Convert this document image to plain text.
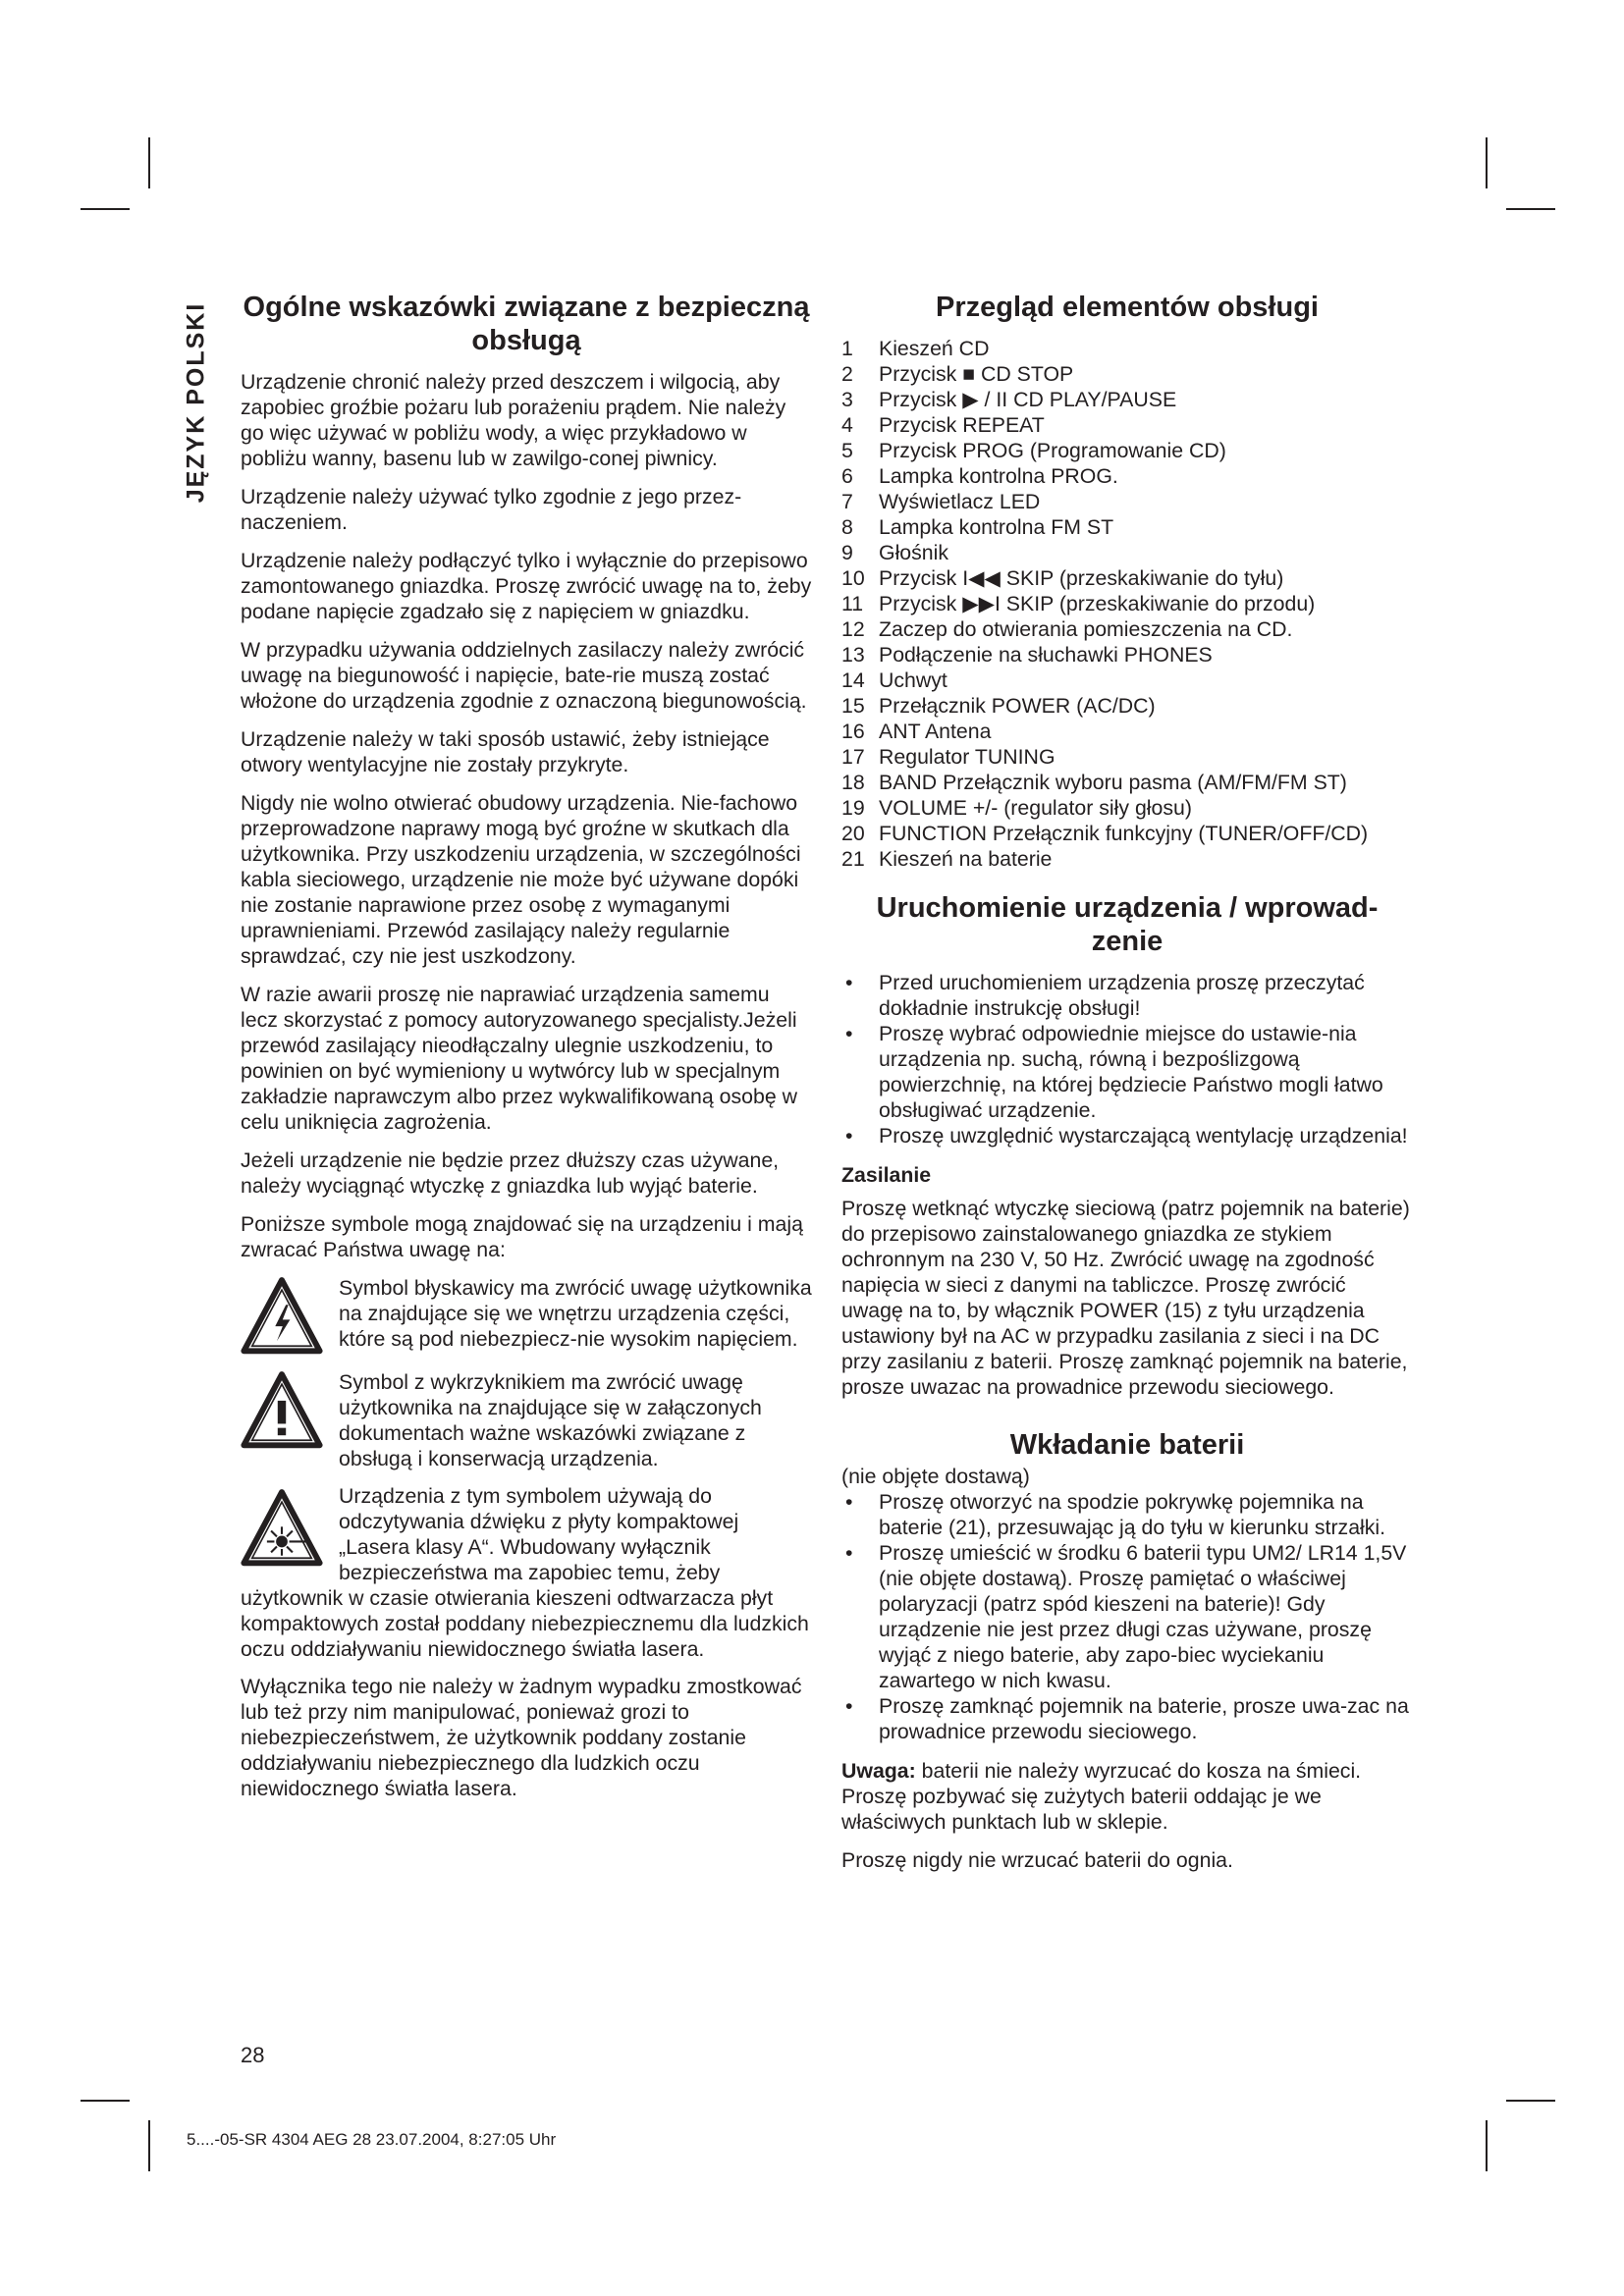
JĘZYK POLSKI Ogólne wskazówki związane z bezpieczną obsługą

Urządzenie chronić należy przed deszczem i wilgocią, aby zapobiec groźbie pożaru lub porażeniu prądem. Nie należy go więc używać w pobliżu wody, a więc przykładowo w pobliżu wanny, basenu lub w zawilgo-conej piwnicy.

Urządzenie należy używać tylko zgodnie z jego przez-naczeniem.

Urządzenie należy podłączyć tylko i wyłącznie do przepisowo zamontowanego gniazdka. Proszę zwrócić uwagę na to, żeby podane napięcie zgadzało się z napięciem w gniazdku.

W przypadku używania oddzielnych zasilaczy należy zwrócić uwagę na biegunowość i napięcie, bate-rie muszą zostać włożone do urządzenia zgodnie z oznaczoną biegunowością.

Urządzenie należy w taki sposób ustawić, żeby istniejące otwory wentylacyjne nie zostały przykryte.

Nigdy nie wolno otwierać obudowy urządzenia. Nie-fachowo przeprowadzone naprawy mogą być groźne w skutkach dla użytkownika. Przy uszkodzeniu urządzenia, w szczególności kabla sieciowego, urządzenie nie może być używane dopóki nie zostanie naprawione przez osobę z wymaganymi uprawnieniami. Przewód zasilający należy regularnie sprawdzać, czy nie jest uszkodzony.

W razie awarii proszę nie naprawiać urządzenia samemu lecz skorzystać z pomocy autoryzowanego specjalisty.Jeżeli przewód zasilający nieodłączalny ulegnie uszkodzeniu, to powinien on być wymieniony u wytwórcy lub w specjalnym zakładzie naprawczym albo przez wykwalifikowaną osobę w celu uniknięcia zagrożenia.

Jeżeli urządzenie nie będzie przez dłuższy czas używane, należy wyciągnąć wtyczkę z gniazdka lub wyjąć baterie.

Poniższe symbole mogą znajdować się na urządzeniu i mają zwracać Państwa uwagę na:

Symbol błyskawicy ma zwrócić uwagę użytkownika na znajdujące się we wnętrzu urządzenia części, które są pod niebezpiecz-nie wysokim napięciem.
Symbol z wykrzyknikiem ma zwrócić uwagę użytkownika na znajdujące się w załączonych dokumentach ważne wskazówki związane z obsługą i konserwacją urządzenia.
Urządzenia z tym symbolem używają do odczytywania dźwięku z płyty kompaktowej „Lasera klasy A“. Wbudowany wyłącznik bezpieczeństwa ma zapobiec temu, żeby użytkownik w czasie otwierania kieszeni odtwarzacza płyt kompaktowych został poddany niebezpiecznemu dla ludzkich oczu oddziaływaniu niewidocznego światła lasera.

Wyłącznika tego nie należy w żadnym wypadku zmostkować lub też przy nim manipulować, ponieważ grozi to niebezpieczeństwem, że użytkownik poddany zostanie oddziaływaniu niebezpiecznego dla ludzkich oczu niewidocznego światła lasera.

Przegląd elementów obsługi
1	Kieszeń CD
2	Przycisk ■ CD STOP
3	Przycisk ▶ / II CD PLAY/PAUSE
4	Przycisk REPEAT
5	Przycisk PROG (Programowanie CD)
6	Lampka kontrolna PROG.
7	Wyświetlacz LED
8	Lampka kontrolna FM ST
9	Głośnik
10 Przycisk I◀◀ SKIP (przeskakiwanie do tyłu)
11 Przycisk ▶▶I SKIP (przeskakiwanie do przodu)
12 Zaczep do otwierania pomieszczenia na CD.
13 Podłączenie na słuchawki PHONES
14 Uchwyt
15 Przełącznik POWER (AC/DC)
16 ANT Antena
17 Regulator TUNING
18 BAND Przełącznik wyboru pasma (AM/FM/FM ST)
19 VOLUME +/- (regulator siły głosu)
20 FUNCTION Przełącznik funkcyjny (TUNER/OFF/CD)
21 Kieszeń na baterie
Uruchomienie urządzenia / wprowad-zenie
•	Przed uruchomieniem urządzenia proszę przeczytać dokładnie instrukcję obsługi!
•	Proszę wybrać odpowiednie miejsce do ustawie-nia urządzenia np. suchą, równą i bezpoślizgową powierzchnię, na której będziecie Państwo mogli łatwo obsługiwać urządzenie.
•	Proszę uwzględnić wystarczającą wentylację urządzenia!
Zasilanie

Proszę wetknąć wtyczkę sieciową (patrz pojemnik na baterie) do przepisowo zainstalowanego gniazdka ze stykiem ochronnym na 230 V, 50 Hz. Zwrócić uwagę na zgodność napięcia w sieci z danymi na tabliczce. Proszę zwrócić uwagę na to, by włącznik POWER (15) z tyłu urządzenia ustawiony był na AC w przypadku zasilania z sieci i na DC przy zasilaniu z baterii. Proszę zamknąć pojemnik na baterie, prosze uwazac na prowadnice przewodu sieciowego.

Wkładanie baterii
(nie objęte dostawą)
•	Proszę otworzyć na spodzie pokrywkę pojemnika na baterie (21), przesuwając ją do tyłu w kierunku strzałki.
•	Proszę umieścić w środku 6 baterii typu UM2/ LR14 1,5V (nie objęte dostawą). Proszę pamiętać o właściwej polaryzacji (patrz spód kieszeni na baterie)! Gdy urządzenie nie jest przez długi czas używane, proszę wyjąć z niego baterie, aby zapo-biec wyciekaniu zawartego w nich kwasu.
•	Proszę zamknąć pojemnik na baterie, prosze uwa-zac na prowadnice przewodu sieciowego.

Uwaga: baterii nie należy wyrzucać do kosza na śmieci. Proszę pozbywać się zużytych baterii oddając je we właściwych punktach lub w sklepie.

Proszę nigdy nie wrzucać baterii do ognia.

28
5....-05-SR 4304 AEG 28 23.07.2004, 8:27:05 Uhr
